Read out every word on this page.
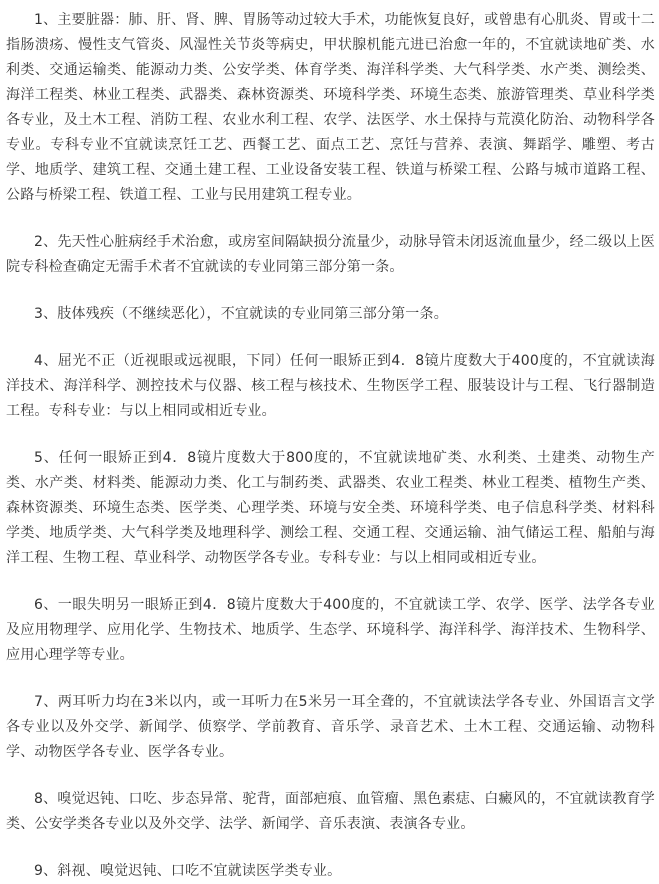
1、主要脏器：肺、肝、肾、脾、胃肠等动过较大手术，功能恢复良好，或曾患有心肌炎、胃或十二指肠溃疡、慢性支气管炎、风湿性关节炎等病史，甲状腺机能亢进已治愈一年的，不宜就读地矿类、水利类、交通运输类、能源动力类、公安学类、体育学类、海洋科学类、大气科学类、水产类、测绘类、海洋工程类、林业工程类、武器类、森林资源类、环境科学类、环境生态类、旅游管理类、草业科学类各专业，及土木工程、消防工程、农业水利工程、农学、法医学、水土保持与荒漠化防治、动物科学各专业。专科专业不宜就读烹饪工艺、西餐工艺、面点工艺、烹饪与营养、表演、舞蹈学、雕塑、考古学、地质学、建筑工程、交通土建工程、工业设备安装工程、铁道与桥梁工程、公路与城市道路工程、公路与桥梁工程、铁道工程、工业与民用建筑工程专业。

2、先天性心脏病经手术治愈，或房室间隔缺损分流量少，动脉导管未闭返流血量少，经二级以上医院专科检查确定无需手术者不宜就读的专业同第三部分第一条。

3、肢体残疾（不继续恶化），不宜就读的专业同第三部分第一条。

4、屈光不正（近视眼或远视眼，下同）任何一眼矫正到4．8镜片度数大于400度的，不宜就读海洋技术、海洋科学、测控技术与仪器、核工程与核技术、生物医学工程、服装设计与工程、飞行器制造工程。专科专业：与以上相同或相近专业。

5、任何一眼矫正到4．8镜片度数大于800度的，不宜就读地矿类、水利类、土建类、动物生产类、水产类、材料类、能源动力类、化工与制药类、武器类、农业工程类、林业工程类、植物生产类、森林资源类、环境生态类、医学类、心理学类、环境与安全类、环境科学类、电子信息科学类、材料科学类、地质学类、大气科学类及地理科学、测绘工程、交通工程、交通运输、油气储运工程、船舶与海洋工程、生物工程、草业科学、动物医学各专业。专科专业：与以上相同或相近专业。

6、一眼失明另一眼矫正到4．8镜片度数大于400度的，不宜就读工学、农学、医学、法学各专业及应用物理学、应用化学、生物技术、地质学、生态学、环境科学、海洋科学、海洋技术、生物科学、应用心理学等专业。

7、两耳听力均在3米以内，或一耳听力在5米另一耳全聋的，不宜就读法学各专业、外国语言文学各专业以及外交学、新闻学、侦察学、学前教育、音乐学、录音艺术、土木工程、交通运输、动物科学、动物医学各专业、医学各专业。

8、嗅觉迟钝、口吃、步态异常、驼背，面部疤痕、血管瘤、黑色素痣、白癜风的，不宜就读教育学类、公安学类各专业以及外交学、法学、新闻学、音乐表演、表演各专业。

9、斜视、嗅觉迟钝、口吃不宜就读医学类专业。
